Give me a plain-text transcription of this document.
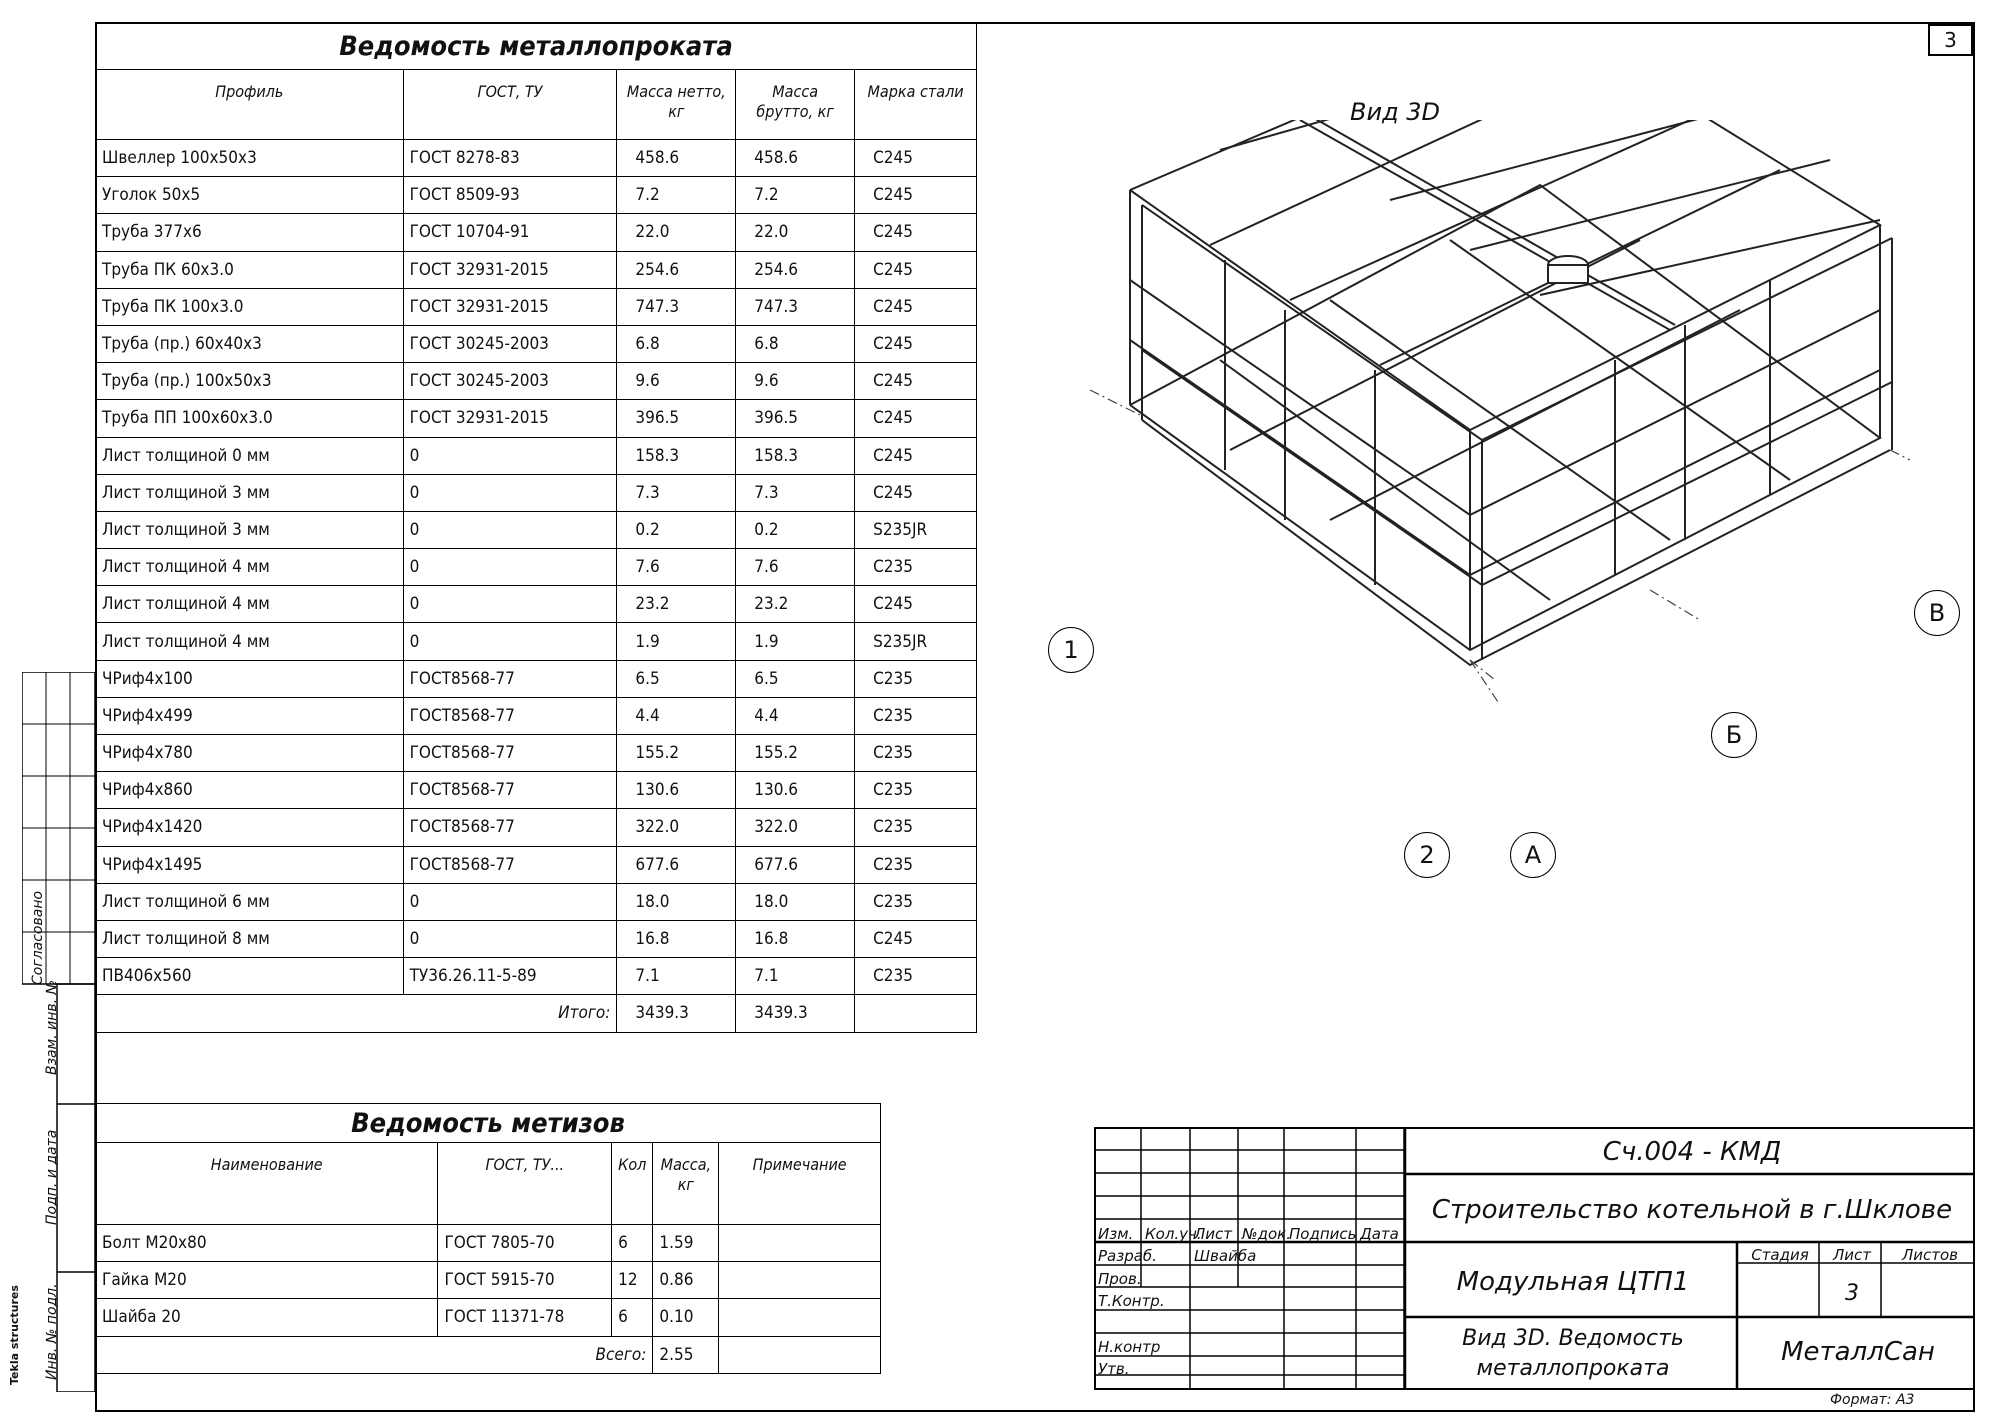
3
Согласовано
Взам. инв. №
Подп. и дата
Инв. № подл.
Tekla structures
Ведомость металлопроката				
Профиль	ГОСТ, ТУ	Масса нетто, кг	Масса брутто, кг	Марка стали
Швеллер 100x50x3	ГОСТ 8278-83	458.6	458.6	С245
Уголок 50x5	ГОСТ 8509-93	7.2	7.2	С245
Труба 377x6	ГОСТ 10704-91	22.0	22.0	С245
Труба ПК 60x3.0	ГОСТ 32931-2015	254.6	254.6	С245
Труба ПК 100x3.0	ГОСТ 32931-2015	747.3	747.3	С245
Труба (пр.) 60x40x3	ГОСТ 30245-2003	6.8	6.8	С245
Труба (пр.) 100x50x3	ГОСТ 30245-2003	9.6	9.6	С245
Труба ПП 100x60x3.0	ГОСТ 32931-2015	396.5	396.5	С245
Лист толщиной 0 мм	0	158.3	158.3	С245
Лист толщиной 3 мм	0	7.3	7.3	С245
Лист толщиной 3 мм	0	0.2	0.2	S235JR
Лист толщиной 4 мм	0	7.6	7.6	С235
Лист толщиной 4 мм	0	23.2	23.2	С245
Лист толщиной 4 мм	0	1.9	1.9	S235JR
ЧРиф4x100	ГОСТ8568-77	6.5	6.5	С235
ЧРиф4x499	ГОСТ8568-77	4.4	4.4	С235
ЧРиф4x780	ГОСТ8568-77	155.2	155.2	С235
ЧРиф4x860	ГОСТ8568-77	130.6	130.6	С235
ЧРиф4x1420	ГОСТ8568-77	322.0	322.0	С235
ЧРиф4x1495	ГОСТ8568-77	677.6	677.6	С235
Лист толщиной 6 мм	0	18.0	18.0	С235
Лист толщиной 8 мм	0	16.8	16.8	С245
ПВ406x560	ТУ36.26.11-5-89	7.1	7.1	С235
Итого:		3439.3	3439.3	
Ведомость метизов				
Наименование	ГОСТ, ТУ...	Кол	Масса, кг	Примечание
Болт М20x80	ГОСТ 7805-70	6	1.59	
Гайка М20	ГОСТ 5915-70	12	0.86	
Шайба 20	ГОСТ 11371-78	6	0.10	
Всего:			2.55	
Вид 3D
1
2	А
Б
В
Изм. Кол.уч.
Лист №док.
Подпись Дата
Разраб. Швайба
Пров.
Т.Контр.
Н.контр
Утв.
Сч.004 - КМД
Строительство котельной в г.Шклове
Модульная ЦТП1
Стадия	Лист	Листов
3
Вид 3D. Ведомость
металлопроката
МеталлСан
Формат: А3
